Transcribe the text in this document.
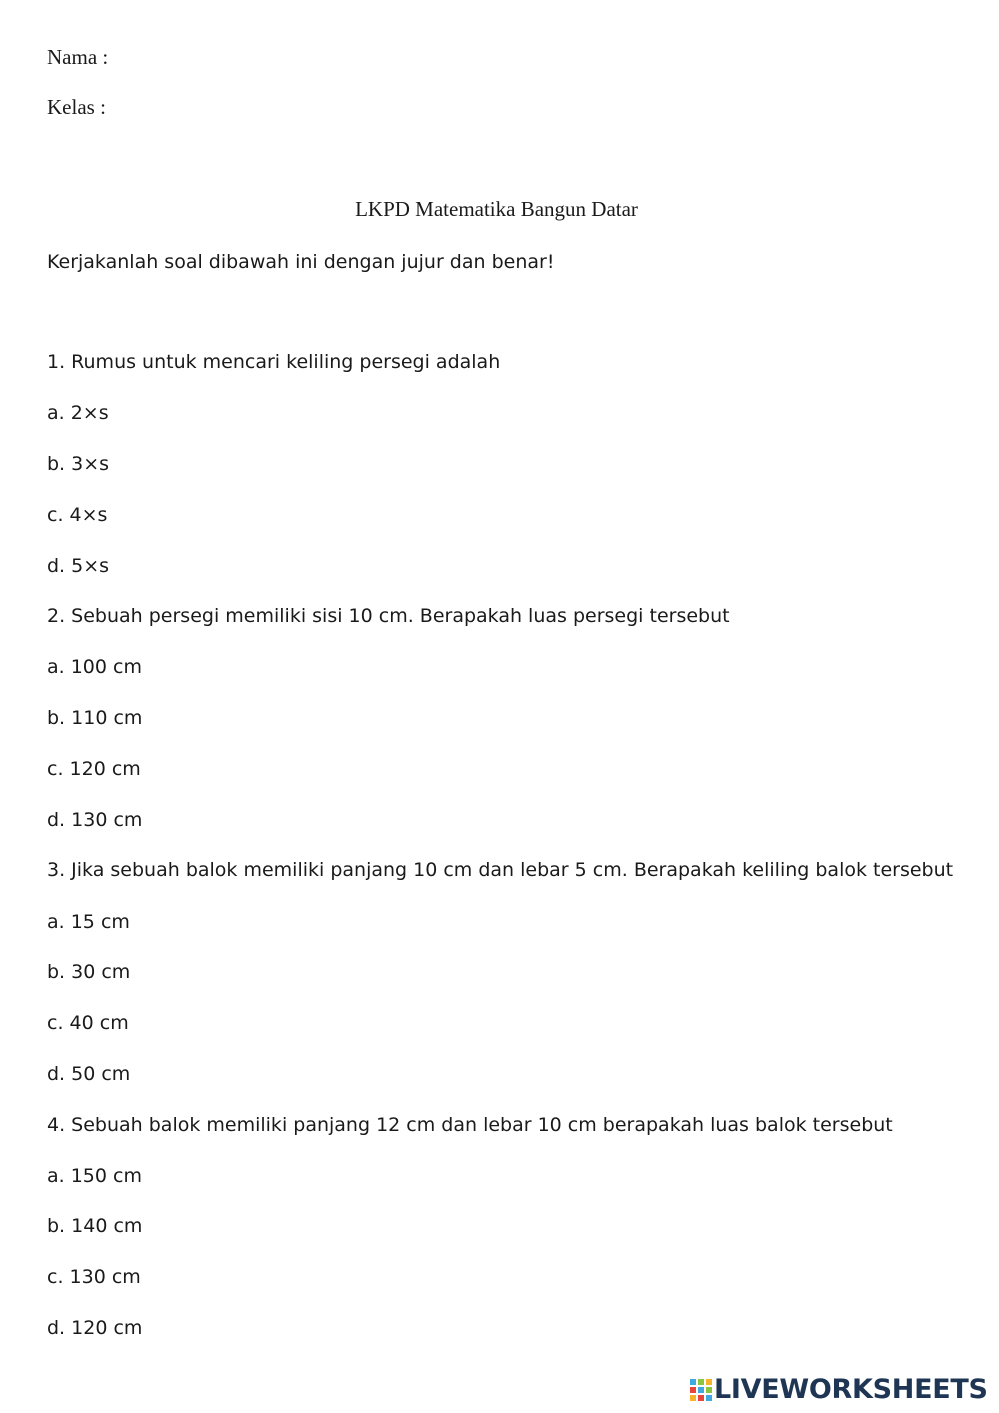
Nama :
Kelas :
LKPD Matematika Bangun Datar
Kerjakanlah soal dibawah ini dengan jujur dan benar!
1. Rumus untuk mencari keliling persegi adalah
a. 2×s
b. 3×s
c. 4×s
d. 5×s
2. Sebuah persegi memiliki sisi 10 cm. Berapakah luas persegi tersebut
a. 100 cm
b. 110 cm
c. 120 cm
d. 130 cm
3. Jika sebuah balok memiliki panjang 10 cm dan lebar 5 cm. Berapakah keliling balok tersebut
a. 15 cm
b. 30 cm
c. 40 cm
d. 50 cm
4. Sebuah balok memiliki panjang 12 cm dan lebar 10 cm berapakah luas balok tersebut
a. 150 cm
b. 140 cm
c. 130 cm
d. 120 cm
LIVEWORKSHEETS
